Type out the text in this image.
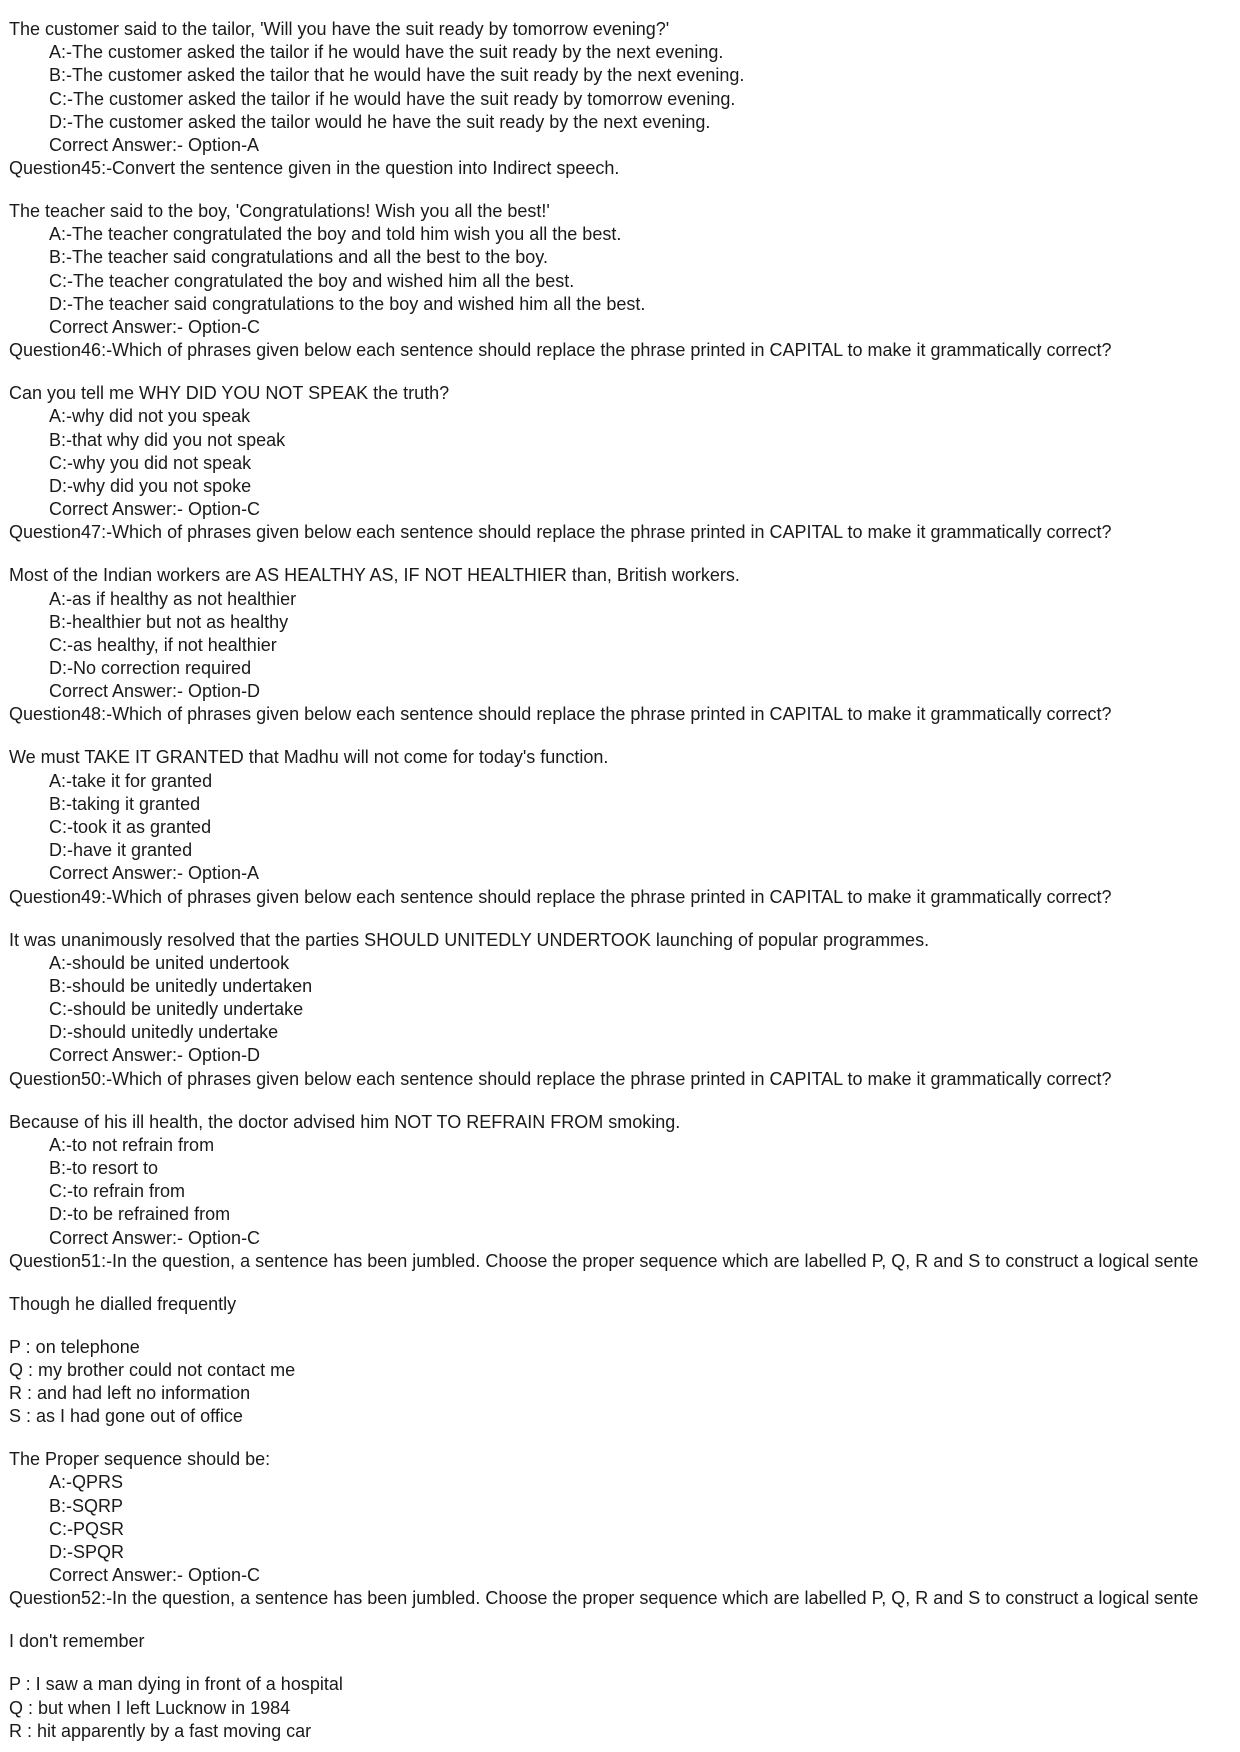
The customer said to the tailor, 'Will you have the suit ready by tomorrow evening?'
A:-The customer asked the tailor if he would have the suit ready by the next evening.
B:-The customer asked the tailor that he would have the suit ready by the next evening.
C:-The customer asked the tailor if he would have the suit ready by tomorrow evening.
D:-The customer asked the tailor would he have the suit ready by the next evening.
Correct Answer:- Option-A
Question45:-Convert the sentence given in the question into Indirect speech.
The teacher said to the boy, 'Congratulations! Wish you all the best!'
A:-The teacher congratulated the boy and told him wish you all the best.
B:-The teacher said congratulations and all the best to the boy.
C:-The teacher congratulated the boy and wished him all the best.
D:-The teacher said congratulations to the boy and wished him all the best.
Correct Answer:- Option-C
Question46:-Which of phrases given below each sentence should replace the phrase printed in CAPITAL to make it grammatically correct?
Can you tell me WHY DID YOU NOT SPEAK the truth?
A:-why did not you speak
B:-that why did you not speak
C:-why you did not speak
D:-why did you not spoke
Correct Answer:- Option-C
Question47:-Which of phrases given below each sentence should replace the phrase printed in CAPITAL to make it grammatically correct?
Most of the Indian workers are AS HEALTHY AS, IF NOT HEALTHIER than, British workers.
A:-as if healthy as not healthier
B:-healthier but not as healthy
C:-as healthy, if not healthier
D:-No correction required
Correct Answer:- Option-D
Question48:-Which of phrases given below each sentence should replace the phrase printed in CAPITAL to make it grammatically correct?
We must TAKE IT GRANTED that Madhu will not come for today's function.
A:-take it for granted
B:-taking it granted
C:-took it as granted
D:-have it granted
Correct Answer:- Option-A
Question49:-Which of phrases given below each sentence should replace the phrase printed in CAPITAL to make it grammatically correct?
It was unanimously resolved that the parties SHOULD UNITEDLY UNDERTOOK launching of popular programmes.
A:-should be united undertook
B:-should be unitedly undertaken
C:-should be unitedly undertake
D:-should unitedly undertake
Correct Answer:- Option-D
Question50:-Which of phrases given below each sentence should replace the phrase printed in CAPITAL to make it grammatically correct?
Because of his ill health, the doctor advised him NOT TO REFRAIN FROM smoking.
A:-to not refrain from
B:-to resort to
C:-to refrain from
D:-to be refrained from
Correct Answer:- Option-C
Question51:-In the question, a sentence has been jumbled. Choose the proper sequence which are labelled P, Q, R and S to construct a logical sente
Though he dialled frequently
P : on telephone
Q : my brother could not contact me
R : and had left no information
S : as I had gone out of office
The Proper sequence should be:
A:-QPRS
B:-SQRP
C:-PQSR
D:-SPQR
Correct Answer:- Option-C
Question52:-In the question, a sentence has been jumbled. Choose the proper sequence which are labelled P, Q, R and S to construct a logical sente
I don't remember
P : I saw a man dying in front of a hospital
Q : but when I left Lucknow in 1984
R : hit apparently by a fast moving car
